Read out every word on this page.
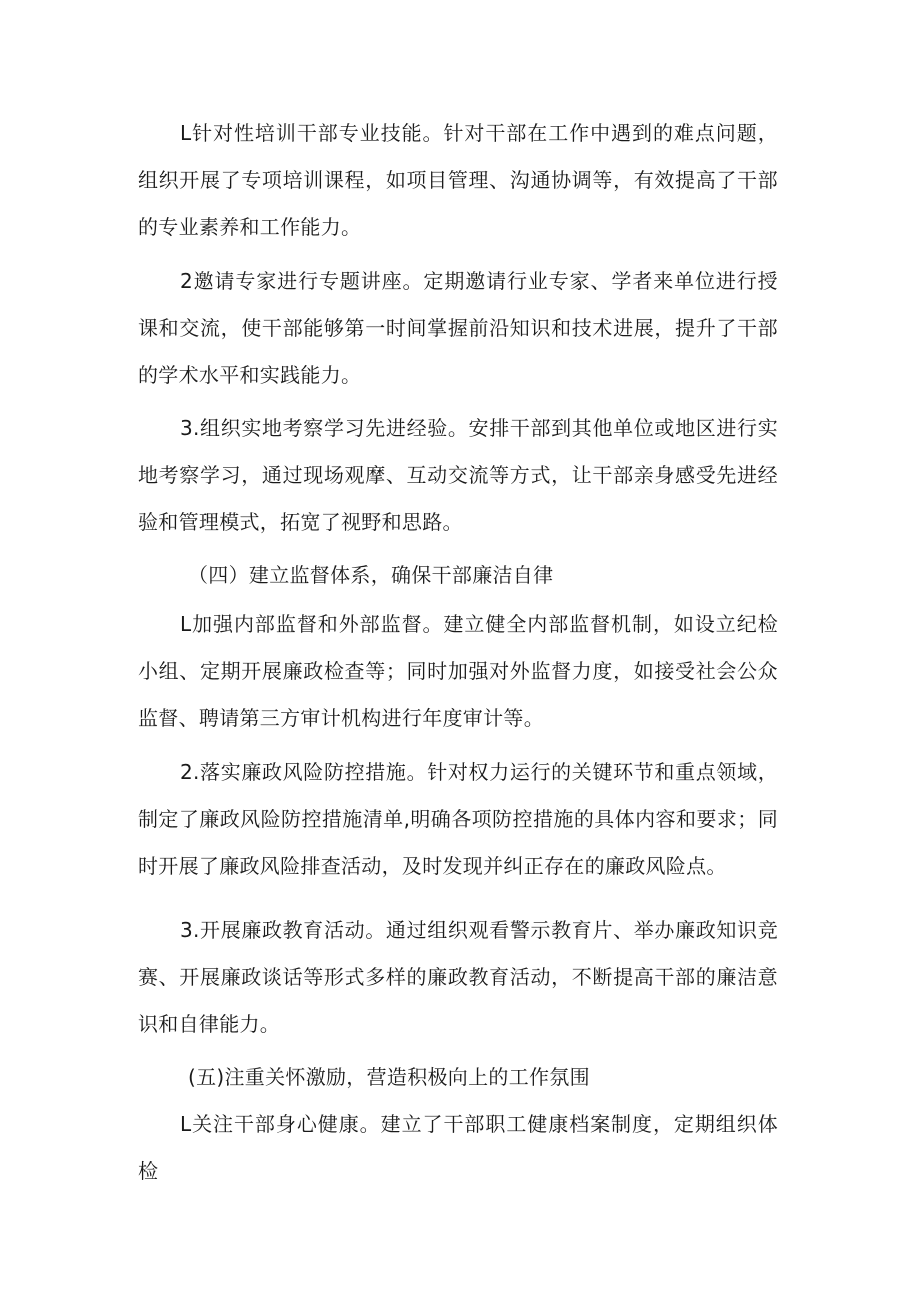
L针对性培训干部专业技能。针对干部在工作中遇到的难点问题，组织开展了专项培训课程，如项目管理、沟通协调等，有效提高了干部的专业素养和工作能力。

2邀请专家进行专题讲座。定期邀请行业专家、学者来单位进行授课和交流，使干部能够第一时间掌握前沿知识和技术进展，提升了干部的学术水平和实践能力。

3.组织实地考察学习先进经验。安排干部到其他单位或地区进行实地考察学习，通过现场观摩、互动交流等方式，让干部亲身感受先进经验和管理模式，拓宽了视野和思路。

（四）建立监督体系，确保干部廉洁自律

L加强内部监督和外部监督。建立健全内部监督机制，如设立纪检小组、定期开展廉政检查等；同时加强对外监督力度，如接受社会公众监督、聘请第三方审计机构进行年度审计等。

2.落实廉政风险防控措施。针对权力运行的关键环节和重点领域，制定了廉政风险防控措施清单,明确各项防控措施的具体内容和要求；同时开展了廉政风险排查活动，及时发现并纠正存在的廉政风险点。

3.开展廉政教育活动。通过组织观看警示教育片、举办廉政知识竞赛、开展廉政谈话等形式多样的廉政教育活动，不断提高干部的廉洁意识和自律能力。

(五)注重关怀激励，营造积极向上的工作氛围

L关注干部身心健康。建立了干部职工健康档案制度，定期组织体检
